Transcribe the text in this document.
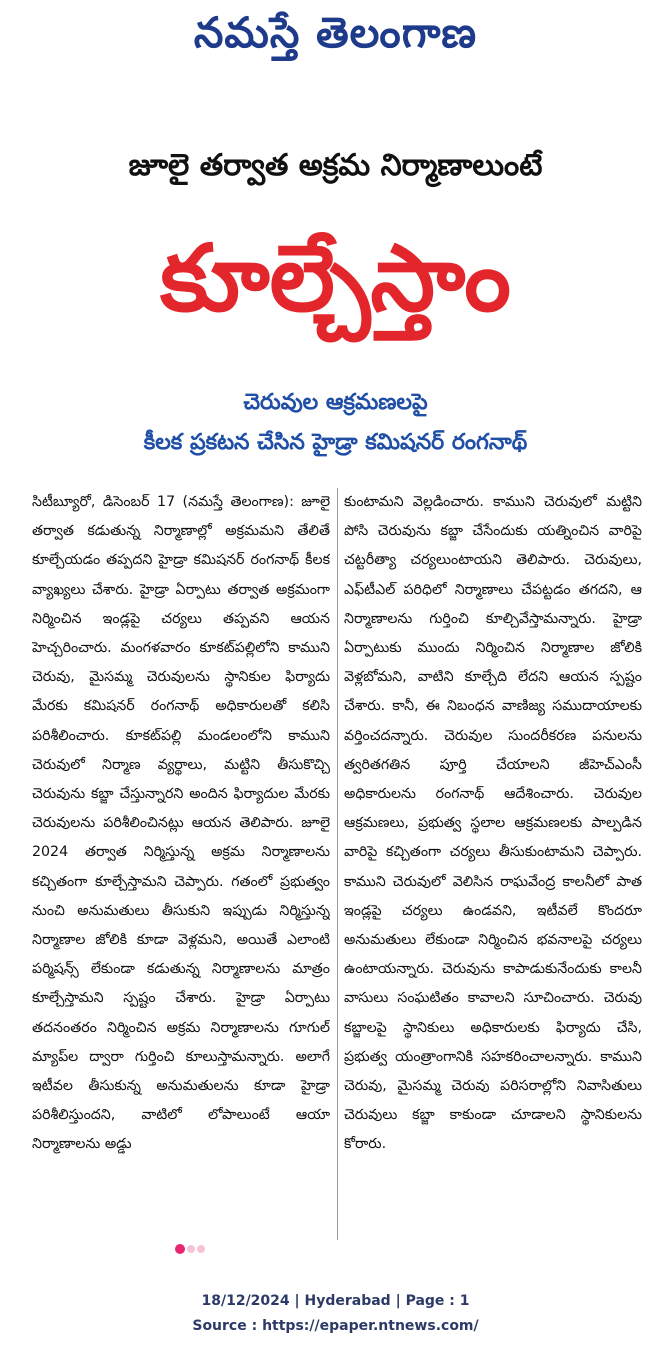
నమస్తే తెలంగాణ
జూలై తర్వాత అక్రమ నిర్మాణాలుంటే
కూల్చేస్తాం
చెరువుల ఆక్రమణలపై
కీలక ప్రకటన చేసిన హైడ్రా కమిషనర్ రంగనాథ్
సిటీబ్యూరో, డిసెంబర్ 17 (నమస్తే తెలంగాణ): జూలై తర్వాత కడుతున్న నిర్మాణాల్లో అక్రమమని తేలితే కూల్చేయడం తప్పదని హైడ్రా కమిషనర్ రంగనాథ్ కీలక వ్యాఖ్యలు చేశారు. హైడ్రా ఏర్పాటు తర్వాత అక్రమంగా నిర్మించిన ఇండ్లపై చర్యలు తప్పవని ఆయన హెచ్చరించారు. మంగళవారం కూకట్‌పల్లిలోని కాముని చెరువు, మైసమ్మ చెరువులను స్థానికుల ఫిర్యాదు మేరకు కమిషనర్ రంగనాథ్ అధికారులతో కలిసి పరిశీలించారు. కూకట్‌పల్లి మండలంలోని కాముని చెరువులో నిర్మాణ వ్యర్థాలు, మట్టిని తీసుకొచ్చి చెరువును కబ్జా చేస్తున్నారని అందిన ఫిర్యాదుల మేరకు చెరువులను పరిశీలించినట్లు ఆయన తెలిపారు. జూలై 2024 తర్వాత నిర్మిస్తున్న అక్రమ నిర్మాణాలను కచ్చితంగా కూల్చేస్తామని చెప్పారు. గతంలో ప్రభుత్వం నుంచి అనుమతులు తీసుకుని ఇప్పుడు నిర్మిస్తున్న నిర్మాణాల జోలికి కూడా వెళ్లమని, అయితే ఎలాంటి పర్మిషన్స్ లేకుండా కడుతున్న నిర్మాణాలను మాత్రం కూల్చేస్తామని స్పష్టం చేశారు. హైడ్రా ఏర్పాటు తదనంతరం నిర్మించిన అక్రమ నిర్మాణాలను గూగుల్ మ్యాప్‌ల ద్వారా గుర్తించి కూలుస్తామన్నారు. అలాగే ఇటీవల తీసుకున్న అనుమతులను కూడా హైడ్రా పరిశీలిస్తుందని, వాటిలో లోపాలుంటే ఆయా నిర్మాణాలను అడ్డు
కుంటామని వెల్లడించారు. కాముని చెరువులో మట్టిని పోసి చెరువును కబ్జా చేసేందుకు యత్నించిన వారిపై చట్టరీత్యా చర్యలుంటాయని తెలిపారు. చెరువులు, ఎఫ్‌టీఎల్ పరిధిలో నిర్మాణాలు చేపట్టడం తగదని, ఆ నిర్మాణాలను గుర్తించి కూల్చివేస్తామన్నారు. హైడ్రా ఏర్పాటుకు ముందు నిర్మించిన నిర్మాణాల జోలికి వెళ్లబోమని, వాటిని కూల్చేది లేదని ఆయన స్పష్టం చేశారు. కానీ, ఈ నిబంధన వాణిజ్య సముదాయాలకు వర్తించదన్నారు. చెరువుల సుందరీకరణ పనులను త్వరితగతిన పూర్తి చేయాలని జీహెచ్‌ఎంసీ అధికారులను రంగనాథ్ ఆదేశించారు. చెరువుల ఆక్రమణలు, ప్రభుత్వ స్థలాల ఆక్రమణలకు పాల్పడిన వారిపై కచ్చితంగా చర్యలు తీసుకుంటామని చెప్పారు. కాముని చెరువులో వెలిసిన రాఘవేంద్ర కాలనీలో పాత ఇండ్లపై చర్యలు ఉండవని, ఇటీవలే కొందరూ అనుమతులు లేకుండా నిర్మించిన భవనాలపై చర్యలు ఉంటాయన్నారు. చెరువును కాపాడుకునేందుకు కాలనీ వాసులు సంఘటితం కావాలని సూచించారు. చెరువు కబ్జాలపై స్థానికులు అధికారులకు ఫిర్యాదు చేసి, ప్రభుత్వ యంత్రాంగానికి సహకరించాలన్నారు. కాముని చెరువు, మైసమ్మ చెరువు పరిసరాల్లోని నివాసితులు చెరువులు కబ్జా కాకుండా చూడాలని స్థానికులను కోరారు.
18/12/2024 | Hyderabad | Page : 1
Source : https://epaper.ntnews.com/
